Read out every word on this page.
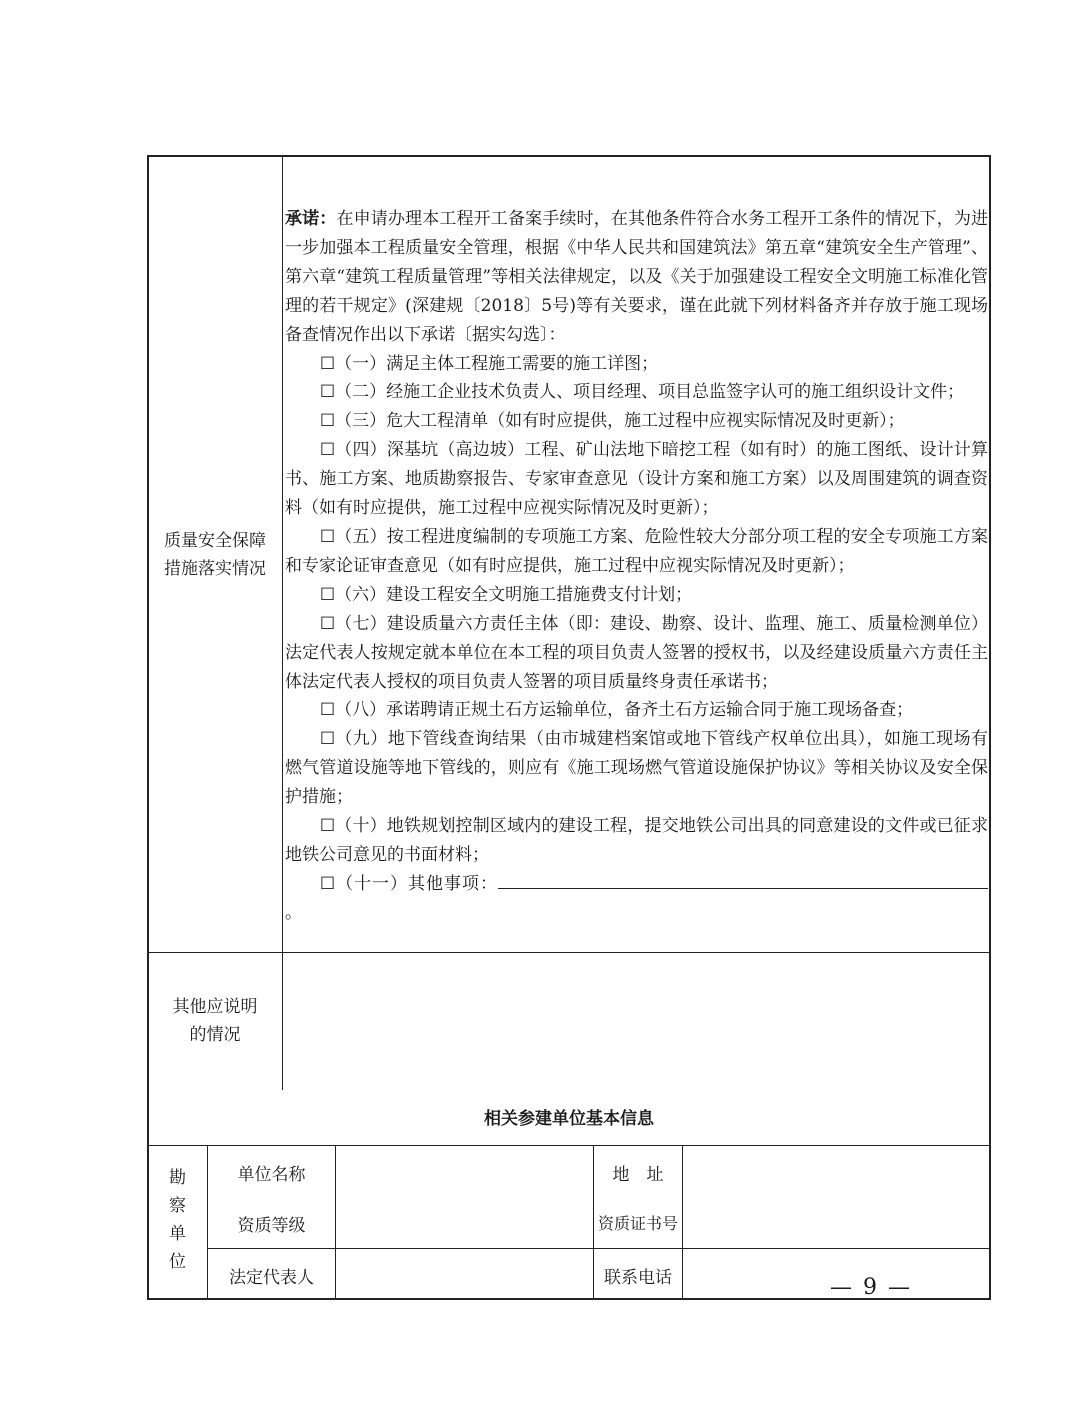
质量安全保障
措施落实情况

承诺：在申请办理本工程开工备案手续时，在其他条件符合水务工程开工条件的情况下，为进一步加强本工程质量安全管理，根据《中华人民共和国建筑法》第五章“建筑安全生产管理”、第六章“建筑工程质量管理”等相关法律规定，以及《关于加强建设工程安全文明施工标准化管理的若干规定》(深建规〔2018〕5号)等有关要求，谨在此就下列材料备齐并存放于施工现场备查情况作出以下承诺〔据实勾选〕：

☐（一）满足主体工程施工需要的施工详图；

☐（二）经施工企业技术负责人、项目经理、项目总监签字认可的施工组织设计文件；

☐（三）危大工程清单（如有时应提供，施工过程中应视实际情况及时更新）；

☐（四）深基坑（高边坡）工程、矿山法地下暗挖工程（如有时）的施工图纸、设计计算书、施工方案、地质勘察报告、专家审查意见（设计方案和施工方案）以及周围建筑的调查资料（如有时应提供，施工过程中应视实际情况及时更新）；

☐（五）按工程进度编制的专项施工方案、危险性较大分部分项工程的安全专项施工方案和专家论证审查意见（如有时应提供，施工过程中应视实际情况及时更新）；

☐（六）建设工程安全文明施工措施费支付计划；

☐（七）建设质量六方责任主体（即：建设、勘察、设计、监理、施工、质量检测单位）法定代表人按规定就本单位在本工程的项目负责人签署的授权书，以及经建设质量六方责任主体法定代表人授权的项目负责人签署的项目质量终身责任承诺书；

☐（八）承诺聘请正规土石方运输单位，备齐土石方运输合同于施工现场备查；

☐（九）地下管线查询结果（由市城建档案馆或地下管线产权单位出具），如施工现场有燃气管道设施等地下管线的，则应有《施工现场燃气管道设施保护协议》等相关协议及安全保护措施；

☐（十）地铁规划控制区域内的建设工程，提交地铁公司出具的同意建设的文件或已征求地铁公司意见的书面材料；

☐（十一）其他事项：。

其他应说明
的情况
相关参建单位基本信息
勘
察
单
位
单位名称
资质等级
法定代表人
地　址
资质证书号
联系电话	— 9 —
